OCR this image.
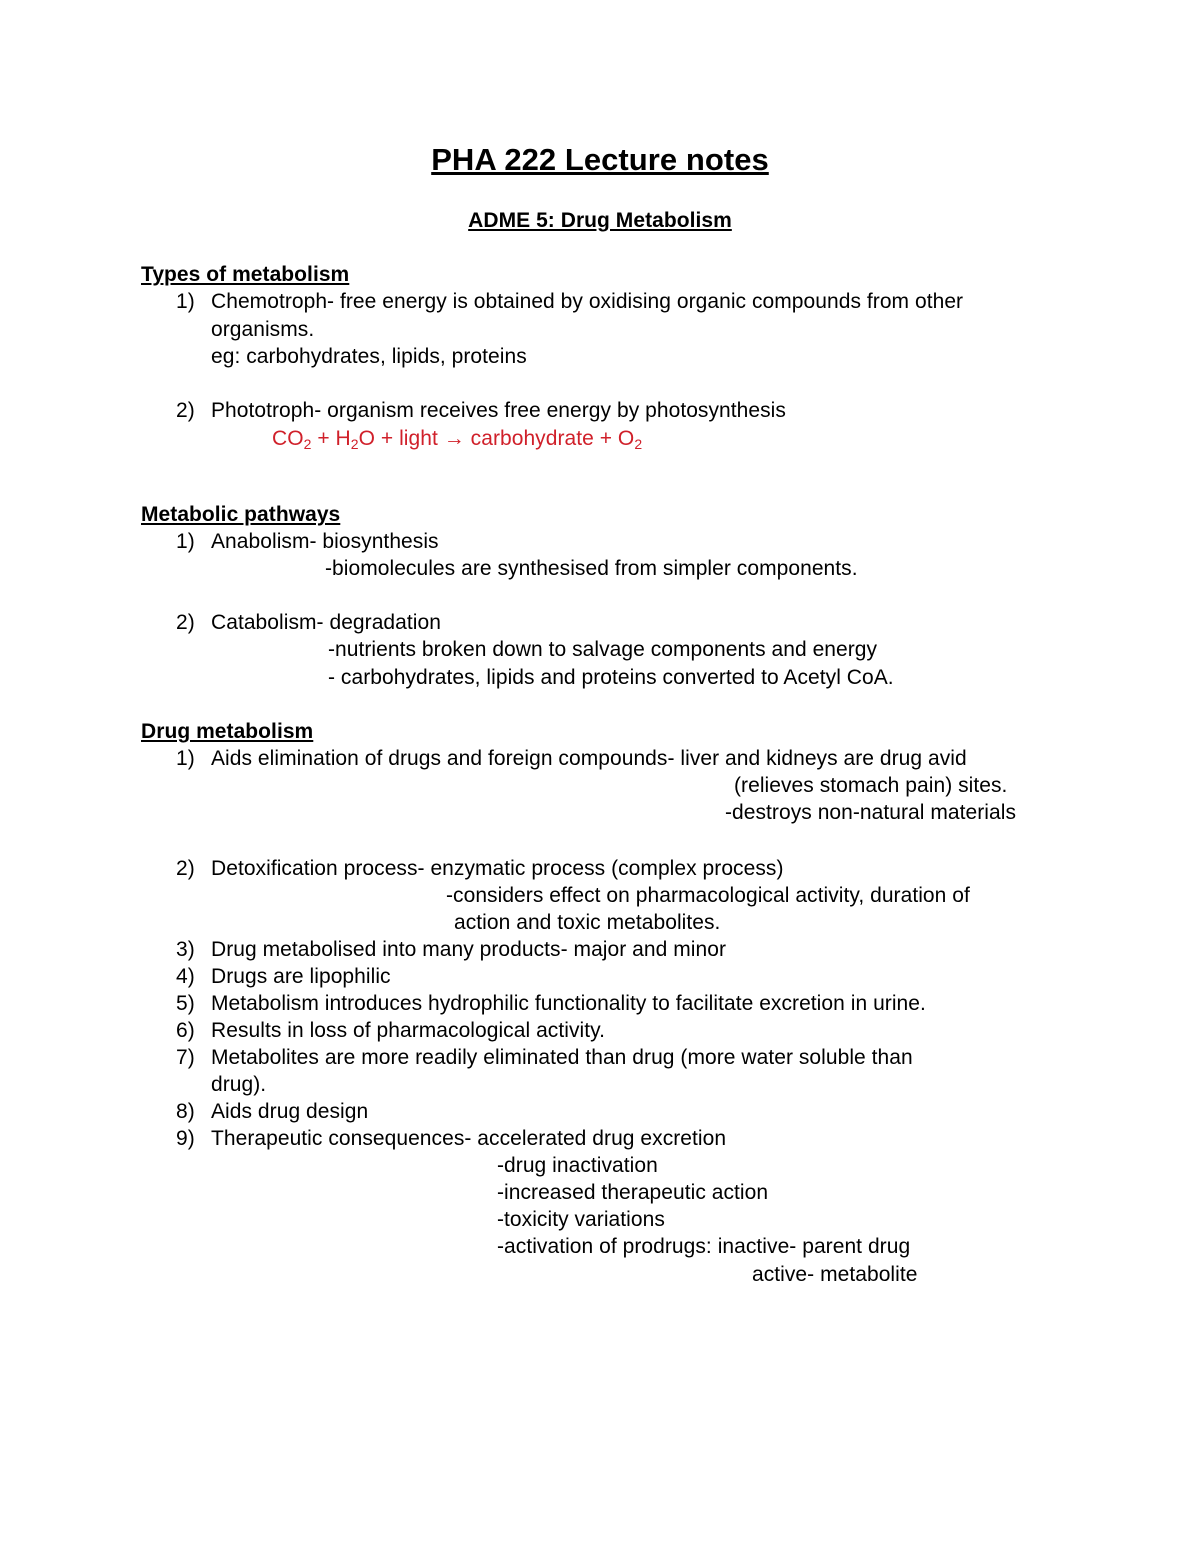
PHA 222 Lecture notes
ADME 5: Drug Metabolism
Types of metabolism
1) Chemotroph- free energy is obtained by oxidising organic compounds from other
organisms.
eg: carbohydrates, lipids, proteins
2) Phototroph- organism receives free energy by photosynthesis
$CO_2 + H_2O$ + light → carbohydrate + $O_2$
Metabolic pathways
1) Anabolism- biosynthesis
-biomolecules are synthesised from simpler components.
2) Catabolism- degradation
-nutrients broken down to salvage components and energy
- carbohydrates, lipids and proteins converted to Acetyl CoA.
Drug metabolism
1) Aids elimination of drugs and foreign compounds- liver and kidneys are drug avid
(relieves stomach pain) sites.
-destroys non-natural materials
2) Detoxification process- enzymatic process (complex process)
-considers effect on pharmacological activity, duration of
action and toxic metabolites.
3) Drug metabolised into many products- major and minor
4) Drugs are lipophilic
5) Metabolism introduces hydrophilic functionality to facilitate excretion in urine.
6) Results in loss of pharmacological activity.
7) Metabolites are more readily eliminated than drug (more water soluble than
drug).
8) Aids drug design
9) Therapeutic consequences- accelerated drug excretion
-drug inactivation
-increased therapeutic action
-toxicity variations
-activation of prodrugs: inactive- parent drug
active- metabolite
